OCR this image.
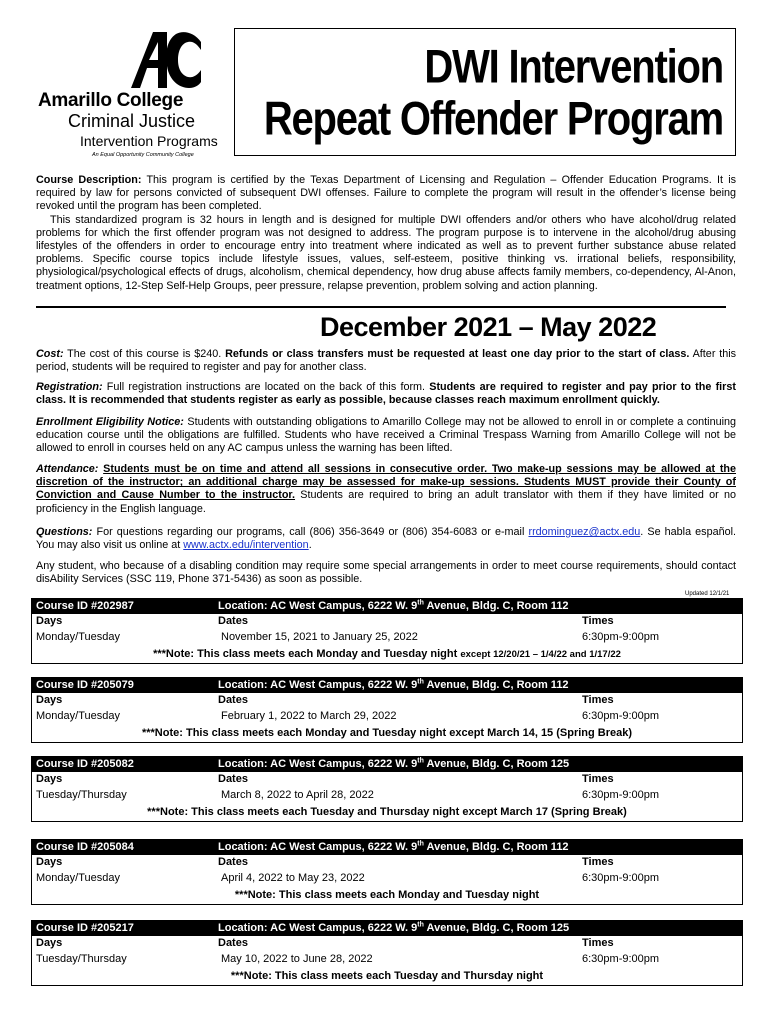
Amarillo College
Criminal Justice
Intervention Programs
An Equal Opportunity Community College
DWI Intervention
Repeat Offender Program
Course Description: This program is certified by the Texas Department of Licensing and Regulation – Offender Education Programs. It is required by law for persons convicted of subsequent DWI offenses. Failure to complete the program will result in the offender’s license being revoked until the program has been completed.
This standardized program is 32 hours in length and is designed for multiple DWI offenders and/or others who have alcohol/drug related problems for which the first offender program was not designed to address. The program purpose is to intervene in the alcohol/drug abusing lifestyles of the offenders in order to encourage entry into treatment where indicated as well as to prevent further substance abuse related problems. Specific course topics include lifestyle issues, values, self-esteem, positive thinking vs. irrational beliefs, responsibility, physiological/psychological effects of drugs, alcoholism, chemical dependency, how drug abuse affects family members, co-dependency, Al-Anon, treatment options, 12-Step Self-Help Groups, peer pressure, relapse prevention, problem solving and action planning.
December 2021 – May 2022
Cost: The cost of this course is $240. Refunds or class transfers must be requested at least one day prior to the start of class. After this period, students will be required to register and pay for another class.
Registration: Full registration instructions are located on the back of this form. Students are required to register and pay prior to the first class. It is recommended that students register as early as possible, because classes reach maximum enrollment quickly.
Enrollment Eligibility Notice: Students with outstanding obligations to Amarillo College may not be allowed to enroll in or complete a continuing education course until the obligations are fulfilled. Students who have received a Criminal Trespass Warning from Amarillo College will not be allowed to enroll in courses held on any AC campus unless the warning has been lifted.
Attendance: Students must be on time and attend all sessions in consecutive order. Two make-up sessions may be allowed at the discretion of the instructor; an additional charge may be assessed for make-up sessions. Students MUST provide their County of Conviction and Cause Number to the instructor. Students are required to bring an adult translator with them if they have limited or no proficiency in the English language.
Questions: For questions regarding our programs, call (806) 356-3649 or (806) 354-6083 or e-mail rrdominguez@actx.edu. Se habla español. You may also visit us online at www.actx.edu/intervention.
Any student, who because of a disabling condition may require some special arrangements in order to meet course requirements, should contact disAbility Services (SSC 119, Phone 371-5436) as soon as possible.
Updated 12/1/21
Course ID #202987	Location: AC West Campus, 6222 W. 9th Avenue, Bldg. C, Room 112
Days	Dates	Times
Monday/Tuesday	November 15, 2021 to January 25, 2022	6:30pm-9:00pm
***Note: This class meets each Monday and Tuesday night except 12/20/21 – 1/4/22 and 1/17/22
Course ID #205079	Location: AC West Campus, 6222 W. 9th Avenue, Bldg. C, Room 112
Days	Dates	Times
Monday/Tuesday	February 1, 2022 to March 29, 2022	6:30pm-9:00pm
***Note: This class meets each Monday and Tuesday night except March 14, 15 (Spring Break)
Course ID #205082	Location: AC West Campus, 6222 W. 9th Avenue, Bldg. C, Room 125
Days	Dates	Times
Tuesday/Thursday	March 8, 2022 to April 28, 2022	6:30pm-9:00pm
***Note: This class meets each Tuesday and Thursday night except March 17 (Spring Break)
Course ID #205084	Location: AC West Campus, 6222 W. 9th Avenue, Bldg. C, Room 112
Days	Dates	Times
Monday/Tuesday	April 4, 2022 to May 23, 2022	6:30pm-9:00pm
***Note: This class meets each Monday and Tuesday night
Course ID #205217	Location: AC West Campus, 6222 W. 9th Avenue, Bldg. C, Room 125
Days	Dates	Times
Tuesday/Thursday	May 10, 2022 to June 28, 2022	6:30pm-9:00pm
***Note: This class meets each Tuesday and Thursday night
